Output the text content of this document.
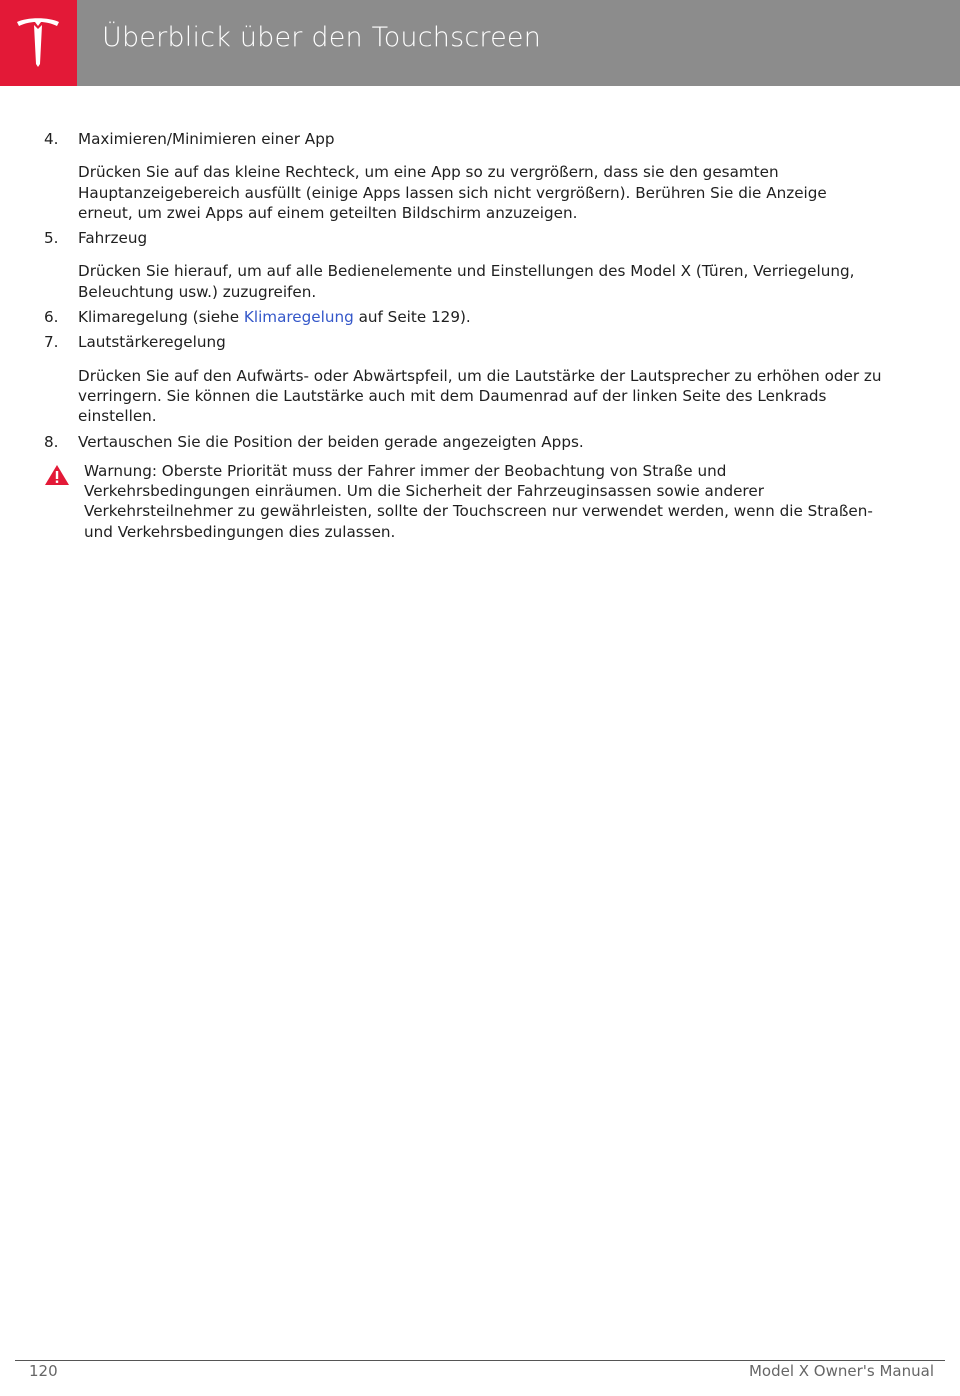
Überblick über den Touchscreen
4. Maximieren/Minimieren einer App
Drücken Sie auf das kleine Rechteck, um eine App so zu vergrößern, dass sie den gesamten Hauptanzeigebereich ausfüllt (einige Apps lassen sich nicht vergrößern). Berühren Sie die Anzeige erneut, um zwei Apps auf einem geteilten Bildschirm anzuzeigen.
5. Fahrzeug
Drücken Sie hierauf, um auf alle Bedienelemente und Einstellungen des Model X (Türen, Verriegelung, Beleuchtung usw.) zuzugreifen.
6. Klimaregelung (siehe Klimaregelung auf Seite 129).
7. Lautstärkeregelung
Drücken Sie auf den Aufwärts- oder Abwärtspfeil, um die Lautstärke der Lautsprecher zu erhöhen oder zu verringern. Sie können die Lautstärke auch mit dem Daumenrad auf der linken Seite des Lenkrads einstellen.
8. Vertauschen Sie die Position der beiden gerade angezeigten Apps.
Warnung: Oberste Priorität muss der Fahrer immer der Beobachtung von Straße und Verkehrsbedingungen einräumen. Um die Sicherheit der Fahrzeuginsassen sowie anderer Verkehrsteilnehmer zu gewährleisten, sollte der Touchscreen nur verwendet werden, wenn die Straßen- und Verkehrsbedingungen dies zulassen.
120	Model X Owner's Manual
